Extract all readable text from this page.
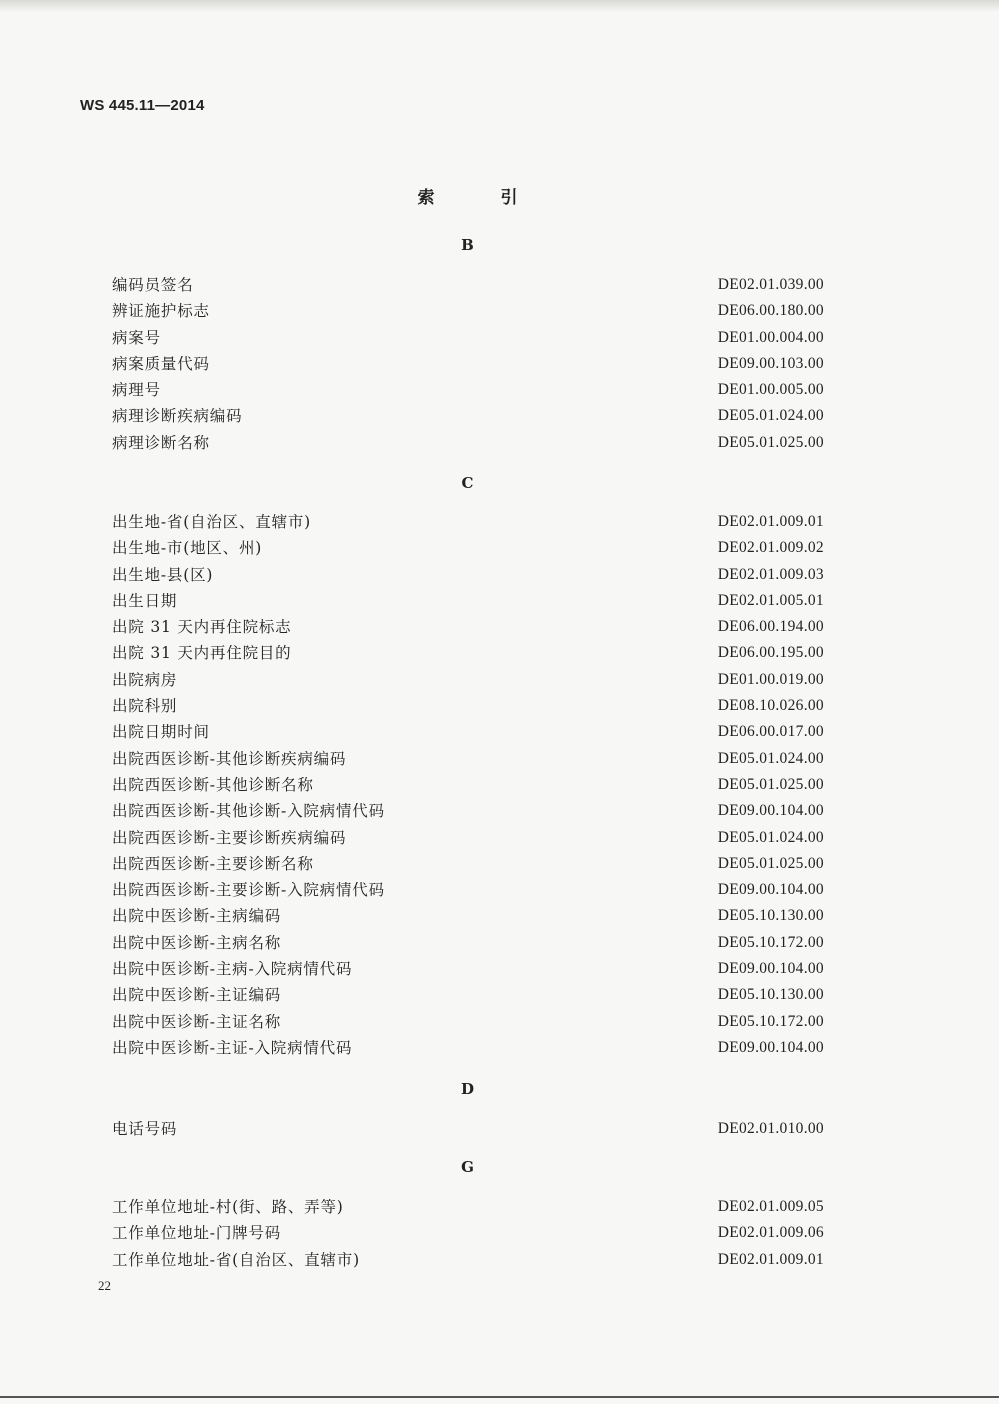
WS 445.11—2014
索引
B
编码员签名	DE02.01.039.00
辨证施护标志	DE06.00.180.00
病案号	DE01.00.004.00
病案质量代码	DE09.00.103.00
病理号	DE01.00.005.00
病理诊断疾病编码	DE05.01.024.00
病理诊断名称	DE05.01.025.00
C
出生地-省(自治区、直辖市)	DE02.01.009.01
出生地-市(地区、州)	DE02.01.009.02
出生地-县(区)	DE02.01.009.03
出生日期	DE02.01.005.01
出院 31 天内再住院标志	DE06.00.194.00
出院 31 天内再住院目的	DE06.00.195.00
出院病房	DE01.00.019.00
出院科别	DE08.10.026.00
出院日期时间	DE06.00.017.00
出院西医诊断-其他诊断疾病编码	DE05.01.024.00
出院西医诊断-其他诊断名称	DE05.01.025.00
出院西医诊断-其他诊断-入院病情代码	DE09.00.104.00
出院西医诊断-主要诊断疾病编码	DE05.01.024.00
出院西医诊断-主要诊断名称	DE05.01.025.00
出院西医诊断-主要诊断-入院病情代码	DE09.00.104.00
出院中医诊断-主病编码	DE05.10.130.00
出院中医诊断-主病名称	DE05.10.172.00
出院中医诊断-主病-入院病情代码	DE09.00.104.00
出院中医诊断-主证编码	DE05.10.130.00
出院中医诊断-主证名称	DE05.10.172.00
出院中医诊断-主证-入院病情代码	DE09.00.104.00
D
电话号码	DE02.01.010.00
G
工作单位地址-村(街、路、弄等)	DE02.01.009.05
工作单位地址-门牌号码	DE02.01.009.06
工作单位地址-省(自治区、直辖市)	DE02.01.009.01
22
